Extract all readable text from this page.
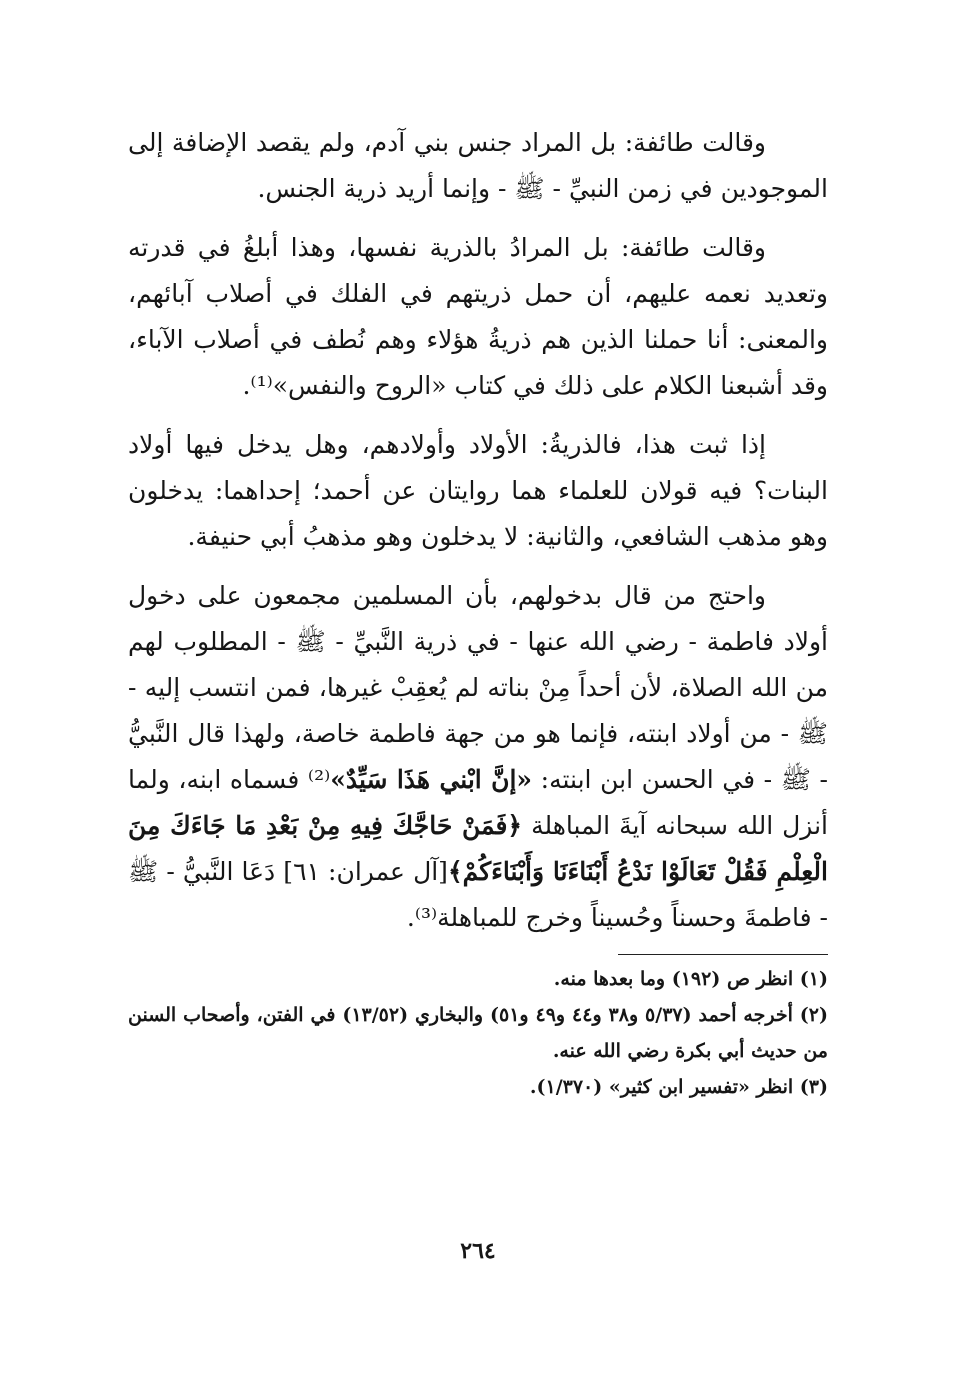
وقالت طائفة: بل المراد جنس بني آدم، ولم يقصد الإضافة إلى الموجودين في زمن النبيِّ - ﷺ - وإنما أريد ذرية الجنس.

وقالت طائفة: بل المرادُ بالذرية نفسها، وهذا أبلغُ في قدرته وتعديد نعمه عليهم، أن حمل ذريتهم في الفلك في أصلاب آبائهم، والمعنى: أنا حملنا الذين هم ذريةُ هؤلاء وهم نُطف في أصلاب الآباء، وقد أشبعنا الكلام على ذلك في كتاب «الروح والنفس»⁽¹⁾.

إذا ثبت هذا، فالذريةُ: الأولاد وأولادهم، وهل يدخل فيها أولاد البنات؟ فيه قولان للعلماء هما روايتان عن أحمد؛ إحداهما: يدخلون وهو مذهب الشافعي، والثانية: لا يدخلون وهو مذهبُ أبي حنيفة.

واحتج من قال بدخولهم، بأن المسلمين مجمعون على دخول أولاد فاطمة - رضي الله عنها - في ذرية النَّبيِّ - ﷺ - المطلوب لهم من الله الصلاة، لأن أحداً مِنْ بناته لم يُعقِبْ غيرها، فمن انتسب إليه - ﷺ - من أولاد ابنته، فإنما هو من جهة فاطمة خاصة، ولهذا قال النَّبيُّ - ﷺ - في الحسن ابن ابنته: «إنَّ ابْني هَذَا سَيِّدٌ»⁽²⁾ فسماه ابنه، ولما أنزل الله سبحانه آيةَ المباهلة ﴿فَمَنْ حَاجَّكَ فِيهِ مِنْ بَعْدِ مَا جَاءَكَ مِنَ الْعِلْمِ فَقُلْ تَعَالَوْا نَدْعُ أَبْنَاءَنَا وَأَبْنَاءَكُمْ﴾[آل عمران: ٦١] دَعَا النَّبيُّ - ﷺ - فاطمةَ وحسناً وحُسيناً وخرج للمباهلة⁽³⁾.

(١) انظر ص (١٩٢) وما بعدها منه.
(٢) أخرجه أحمد (٥/٣٧ و٣٨ و٤٤ و٤٩ و٥١) والبخاري (١٣/٥٢) في الفتن، وأصحاب السنن من حديث أبي بكرة رضي الله عنه.
(٣) انظر «تفسير ابن كثير» (١/٣٧٠).
٢٦٤
